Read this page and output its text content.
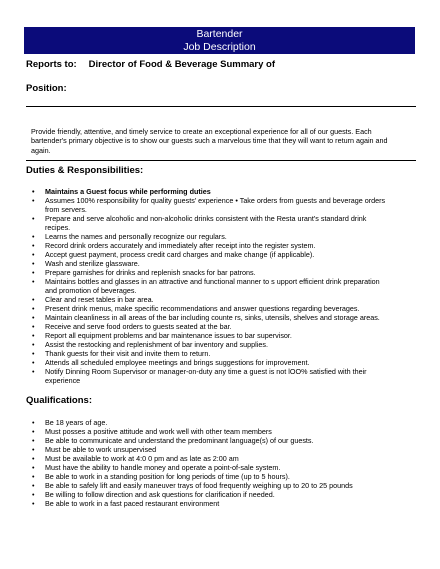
Bartender
Job Description
Reports to: Director of Food & Beverage Summary of
Position:
Provide friendly, attentive, and timely service to create an exceptional experience for all of our guests. Each bartender's primary objective is to show our guests such a marvelous time that they will want to return again and again.
Duties & Responsibilities:
• Maintains a Guest focus while performing duties
• Assumes 100% responsibility for quality guests' experience • Take orders from guests and beverage orders from servers.
• Prepare and serve alcoholic and non-alcoholic drinks consistent with the Resta urant's standard drink recipes.
• Learns the names and personally recognize our regulars.
• Record drink orders accurately and immediately after receipt into the register system.
• Accept guest payment, process credit card charges and make change (if applicable).
• Wash and sterilize glassware.
• Prepare garnishes for drinks and replenish snacks for bar patrons.
• Maintains bottles and glasses in an attractive and functional manner to s upport efficient drink preparation and promotion of beverages.
• Clear and reset tables in bar area.
• Present drink menus, make specific recommendations and answer questions regarding beverages.
• Maintain cleanliness in all areas of the bar including counte rs, sinks, utensils, shelves and storage areas.
• Receive and serve food orders to guests seated at the bar.
• Report all equipment problems and bar maintenance issues to bar supervisor.
• Assist the restocking and replenishment of bar inventory and supplies.
• Thank guests for their visit and invite them to return.
• Attends all scheduled employee meetings and brings suggestions for improvement.
• Notify Dinning Room Supervisor or manager-on-duty any time a guest is not lOO% satisfied with their experience
Qualifications:
• Be 18 years of age.
• Must posses a positive attitude and work well with other team members
• Be able to communicate and understand the predominant language(s) of our guests.
• Must be able to work unsupervised
• Must be available to work at 4:0 0 pm and as late as 2:00 am
• Must have the ability to handle money and operate a point-of-sale system.
• Be able to work in a standing position for long periods of time (up to 5 hours).
• Be able to safely lift and easily maneuver trays of food frequently weighing up to 20 to 25 pounds
• Be willing to follow direction and ask questions for clarification if needed.
• Be able to work in a fast paced restaurant environment
